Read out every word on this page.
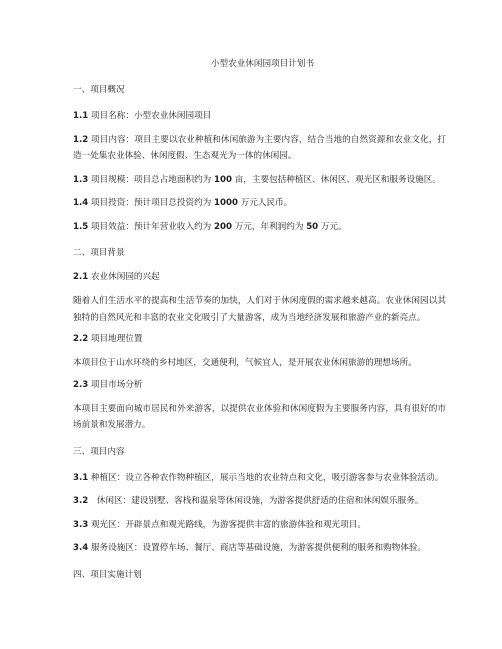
小型农业休闲园项目计划书
一、项目概况

1.1 项目名称：小型农业休闲园项目

1.2 项目内容：项目主要以农业种植和休闲旅游为主要内容，结合当地的自然资源和农业文化，打造一处集农业体验、休闲度假、生态观光为一体的休闲园。

1.3 项目规模：项目总占地面积约为 100 亩，主要包括种植区、休闲区、观光区和服务设施区。

1.4 项目投资：预计项目总投资约为 1000 万元人民币。

1.5 项目效益：预计年营业收入约为 200 万元，年利润约为 50 万元。

二、项目背景
2.1 农业休闲园的兴起

随着人们生活水平的提高和生活节奏的加快，人们对于休闲度假的需求越来越高。农业休闲园以其独特的自然风光和丰富的农业文化吸引了大量游客，成为当地经济发展和旅游产业的新亮点。

2.2 项目地理位置

本项目位于山水环绕的乡村地区，交通便利，气候宜人，是开展农业休闲旅游的理想场所。

2.3 项目市场分析

本项目主要面向城市居民和外来游客，以提供农业体验和休闲度假为主要服务内容，具有很好的市场前景和发展潜力。

三、项目内容

3.1 种植区：设立各种农作物种植区，展示当地的农业特点和文化，吸引游客参与农业体验活动。

3.2　休闲区：建设别墅、客栈和温泉等休闲设施，为游客提供舒适的住宿和休闲娱乐服务。

3.3 观光区：开辟景点和观光路线，为游客提供丰富的旅游体验和观光项目。

3.4 服务设施区：设置停车场、餐厅、商店等基础设施，为游客提供便利的服务和购物体验。

四、项目实施计划
